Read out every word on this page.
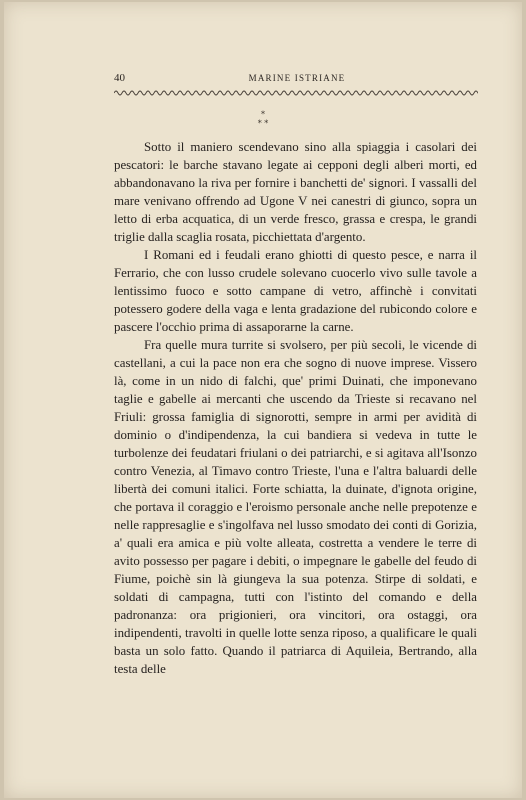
40	MARINE ISTRIANE
*
* *

Sotto il maniero scendevano sino alla spiaggia i casolari dei pescatori: le barche stavano legate ai cepponi degli alberi morti, ed abbandonavano la riva per fornire i banchetti de' signori. I vassalli del mare venivano offrendo ad Ugone V nei canestri di giunco, sopra un letto di erba acquatica, di un verde fresco, grassa e crespa, le grandi triglie dalla scaglia rosata, picchiettata d'argento.

I Romani ed i feudali erano ghiotti di questo pesce, e narra il Ferrario, che con lusso crudele solevano cuocerlo vivo sulle tavole a lentissimo fuoco e sotto campane di vetro, affinchè i convitati potessero godere della vaga e lenta gradazione del rubicondo colore e pascere l'occhio prima di assaporarne la carne.

Fra quelle mura turrite si svolsero, per più secoli, le vicende di castellani, a cui la pace non era che sogno di nuove imprese. Vissero là, come in un nido di falchi, que' primi Duinati, che imponevano taglie e gabelle ai mercanti che uscendo da Trieste si recavano nel Friuli: grossa famiglia di signorotti, sempre in armi per avidità di dominio o d'indipendenza, la cui bandiera si vedeva in tutte le turbolenze dei feudatari friulani o dei patriarchi, e si agitava all'Isonzo contro Venezia, al Timavo contro Trieste, l'una e l'altra baluardi delle libertà dei comuni italici. Forte schiatta, la duinate, d'ignota origine, che portava il coraggio e l'eroismo personale anche nelle prepotenze e nelle rappresaglie e s'ingolfava nel lusso smodato dei conti di Gorizia, a' quali era amica e più volte alleata, costretta a vendere le terre di avito possesso per pagare i debiti, o impegnare le gabelle del feudo di Fiume, poichè sin là giungeva la sua potenza. Stirpe di soldati, e soldati di campagna, tutti con l'istinto del comando e della padronanza: ora prigionieri, ora vincitori, ora ostaggi, ora indipendenti, travolti in quelle lotte senza riposo, a qualificare le quali basta un solo fatto. Quando il patriarca di Aquileia, Bertrando, alla testa delle
